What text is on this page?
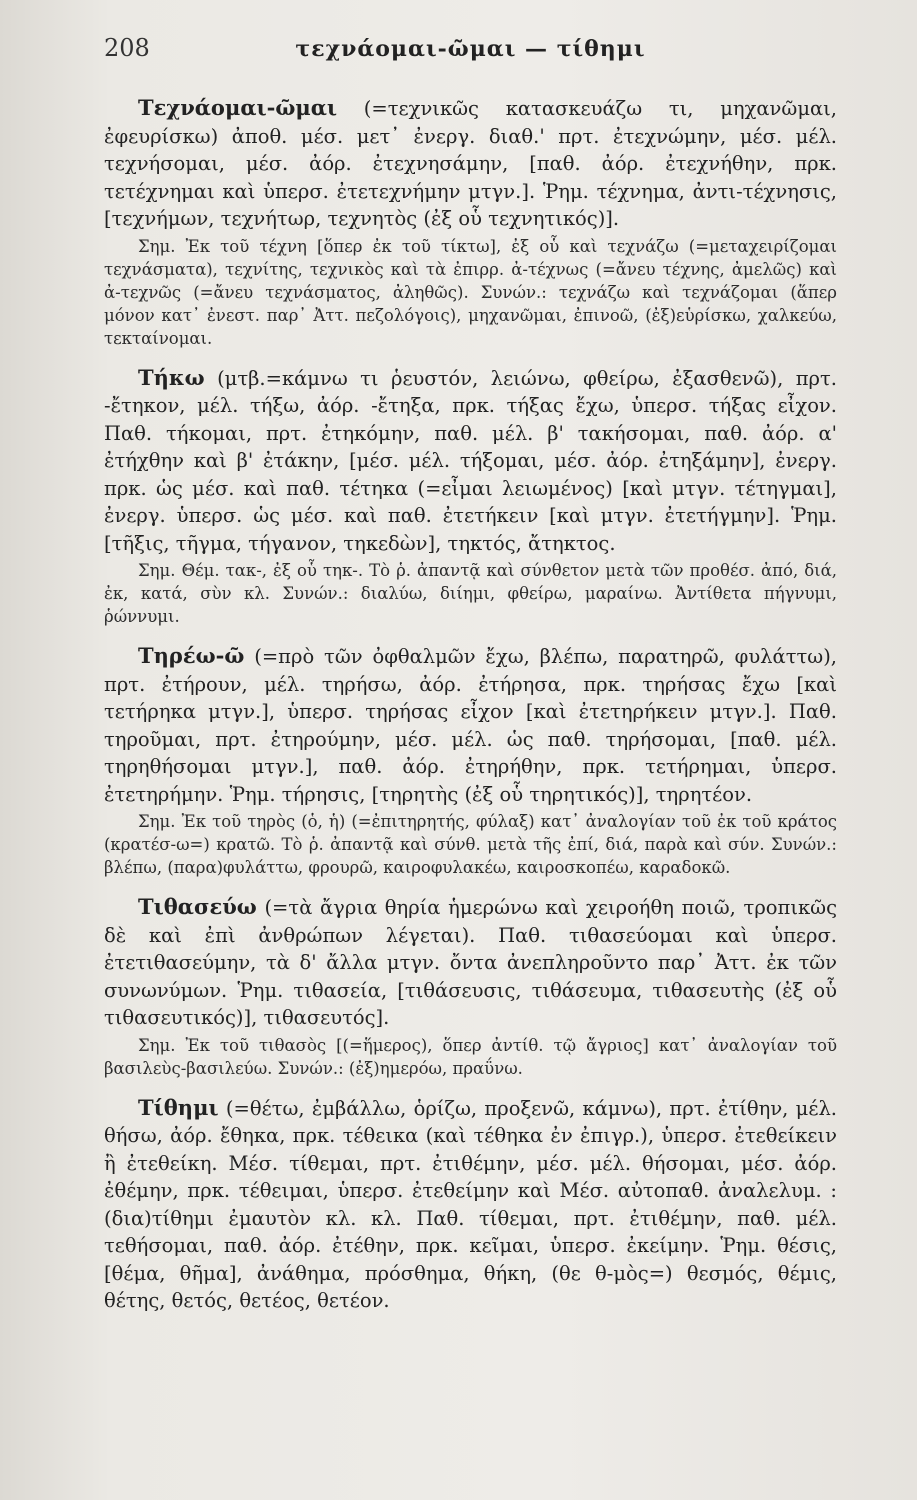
208	τεχνάομαι-ῶμαι — τίθημι

Τεχνάομαι-ῶμαι (=τεχνικῶς κατασκευάζω τι, μηχανῶμαι, ἐφευρίσκω) ἀποθ. μέσ. μετ᾿ ἐνεργ. διαθ.' πρτ. ἐτεχνώμην, μέσ. μέλ. τεχνήσομαι, μέσ. ἀόρ. ἐτεχνησάμην, [παθ. ἀόρ. ἐτεχνήθην, πρκ. τετέχνημαι καὶ ὑπερσ. ἐτετεχνήμην μτγν.]. Ῥημ. τέχνημα, ἀντι-τέχνησις, [τεχνήμων, τεχνήτωρ, τεχνητὸς (ἐξ οὗ τεχνητικός)].

Σημ. Ἐκ τοῦ τέχνη [ὅπερ ἐκ τοῦ τίκτω], ἐξ οὗ καὶ τεχνάζω (=μεταχειρίζομαι τεχνάσματα), τεχνίτης, τεχνικὸς καὶ τὰ ἐπιρρ. ἀ-τέχνως (=ἄνευ τέχνης, ἀμελῶς) καὶ ἀ-τεχνῶς (=ἄνευ τεχνάσματος, ἀληθῶς). Συνών.: τεχνάζω καὶ τεχνάζομαι (ἅπερ μόνον κατ᾿ ἐνεστ. παρ᾿ Ἀττ. πεζολόγοις), μηχανῶμαι, ἐπινοῶ, (ἐξ)εὑρίσκω, χαλκεύω, τεκταίνομαι.

Τήκω (μτβ.=κάμνω τι ῥευστόν, λειώνω, φθείρω, ἐξασθενῶ), πρτ. -ἔτηκον, μέλ. τήξω, ἀόρ. -ἔτηξα, πρκ. τήξας ἔχω, ὑπερσ. τήξας εἶχον. Παθ. τήκομαι, πρτ. ἐτηκόμην, παθ. μέλ. β' τακήσομαι, παθ. ἀόρ. α' ἐτήχθην καὶ β' ἐτάκην, [μέσ. μέλ. τήξομαι, μέσ. ἀόρ. ἐτηξάμην], ἐνεργ. πρκ. ὡς μέσ. καὶ παθ. τέτηκα (=εἶμαι λειωμένος) [καὶ μτγν. τέτηγμαι], ἐνεργ. ὑπερσ. ὡς μέσ. καὶ παθ. ἐτετήκειν [καὶ μτγν. ἐτετήγμην]. Ῥημ. [τῆξις, τῆγμα, τήγανον, τηκεδὼν], τηκτός, ἄτηκτος.

Σημ. Θέμ. τακ-, ἐξ οὗ τηκ-. Τὸ ῥ. ἀπαντᾷ καὶ σύνθετον μετὰ τῶν προθέσ. ἀπό, διά, ἐκ, κατά, σὺν κλ. Συνών.: διαλύω, διίημι, φθείρω, μαραίνω. Ἀντίθετα πήγνυμι, ῥώννυμι.

Τηρέω-ῶ (=πρὸ τῶν ὀφθαλμῶν ἔχω, βλέπω, παρατηρῶ, φυλάττω), πρτ. ἐτήρουν, μέλ. τηρήσω, ἀόρ. ἐτήρησα, πρκ. τηρήσας ἔχω [καὶ τετήρηκα μτγν.], ὑπερσ. τηρήσας εἶχον [καὶ ἐτετηρήκειν μτγν.]. Παθ. τηροῦμαι, πρτ. ἐτηρούμην, μέσ. μέλ. ὡς παθ. τηρήσομαι, [παθ. μέλ. τηρηθήσομαι μτγν.], παθ. ἀόρ. ἐτηρήθην, πρκ. τετήρημαι, ὑπερσ. ἐτετηρήμην. Ῥημ. τήρησις, [τηρητὴς (ἐξ οὗ τηρητικός)], τηρητέον.

Σημ. Ἐκ τοῦ τηρὸς (ὁ, ἡ) (=ἐπιτηρητής, φύλαξ) κατ᾿ ἀναλογίαν τοῦ ἐκ τοῦ κράτος (κρατέσ-ω=) κρατῶ. Τὸ ῥ. ἀπαντᾷ καὶ σύνθ. μετὰ τῆς ἐπί, διά, παρὰ καὶ σύν. Συνών.: βλέπω, (παρα)φυλάττω, φρουρῶ, καιροφυλακέω, καιροσκοπέω, καραδοκῶ.

Τιθασεύω (=τὰ ἄγρια θηρία ἡμερώνω καὶ χειροήθη ποιῶ, τροπικῶς δὲ καὶ ἐπὶ ἀνθρώπων λέγεται). Παθ. τιθασεύομαι καὶ ὑπερσ. ἐτετιθασεύμην, τὰ δ' ἄλλα μτγν. ὄντα ἀνεπληροῦντο παρ᾿ Ἀττ. ἐκ τῶν συνωνύμων. Ῥημ. τιθασεία, [τιθάσευσις, τιθάσευμα, τιθασευτὴς (ἐξ οὗ τιθασευτικός)], τιθασευτός].

Σημ. Ἐκ τοῦ τιθασὸς [(=ἥμερος), ὅπερ ἀντίθ. τῷ ἄγριος] κατ᾿ ἀναλογίαν τοῦ βασιλεὺς-βασιλεύω. Συνών.: (ἐξ)ημερόω, πραΰνω.

Τίθημι (=θέτω, ἐμβάλλω, ὁρίζω, προξενῶ, κάμνω), πρτ. ἐτίθην, μέλ. θήσω, ἀόρ. ἔθηκα, πρκ. τέθεικα (καὶ τέθηκα ἐν ἐπιγρ.), ὑπερσ. ἐτεθείκειν ἢ ἐτεθείκη. Μέσ. τίθεμαι, πρτ. ἐτιθέμην, μέσ. μέλ. θήσομαι, μέσ. ἀόρ. ἐθέμην, πρκ. τέθειμαι, ὑπερσ. ἐτεθείμην καὶ Μέσ. αὐτοπαθ. ἀναλελυμ. : (δια)τίθημι ἐμαυτὸν κλ. κλ. Παθ. τίθεμαι, πρτ. ἐτιθέμην, παθ. μέλ. τεθήσομαι, παθ. ἀόρ. ἐτέθην, πρκ. κεῖμαι, ὑπερσ. ἐκείμην. Ῥημ. θέσις, [θέμα, θῆμα], ἀνάθημα, πρόσθημα, θήκη, (θε θ-μὸς=) θεσμός, θέμις, θέτης, θετός, θετέος, θετέον.
